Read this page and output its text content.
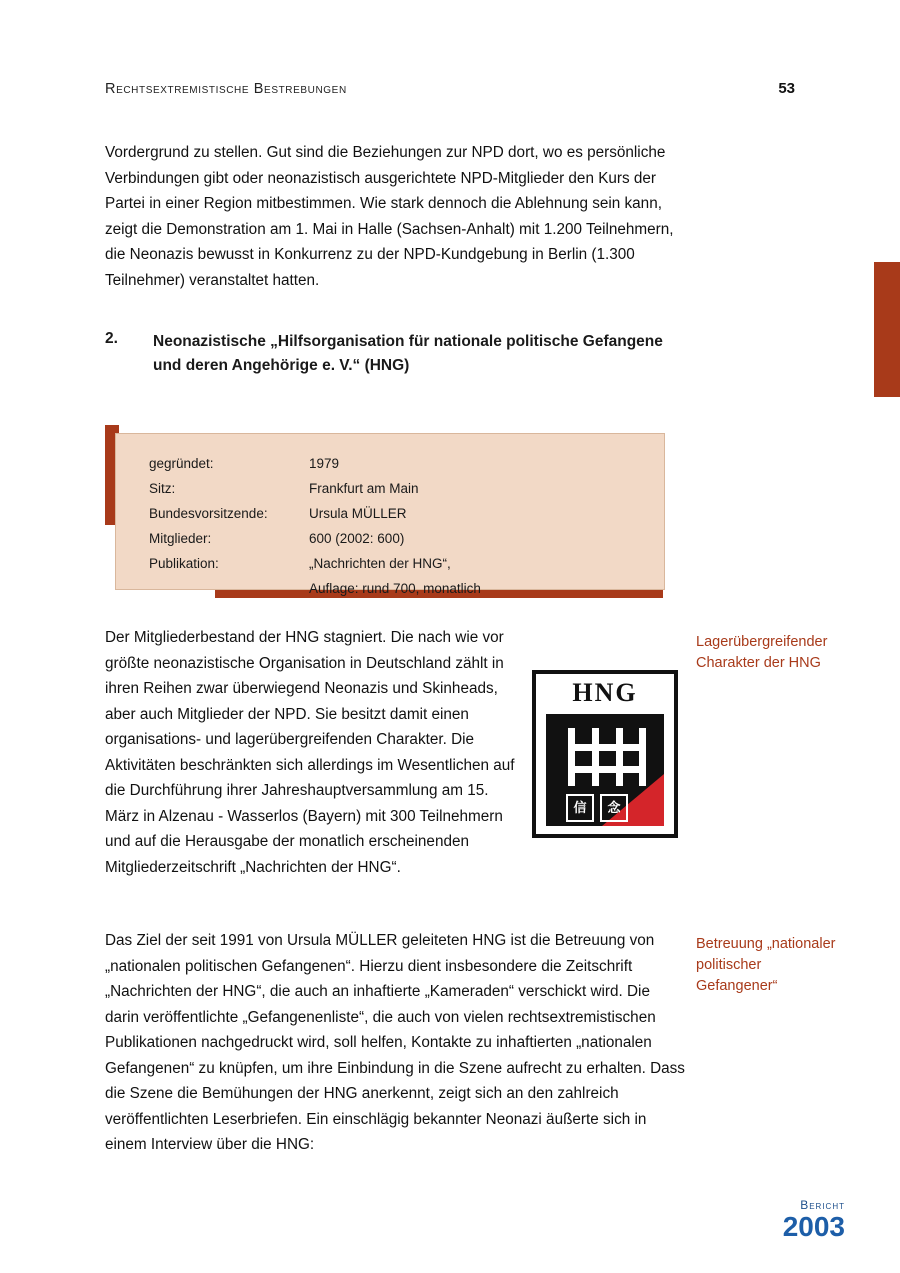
Rechtsextremistische Bestrebungen	53

Vordergrund zu stellen. Gut sind die Beziehungen zur NPD dort, wo es persönliche Verbindungen gibt oder neonazistisch ausgerichtete NPD-Mitglieder den Kurs der Partei in einer Region mitbestimmen. Wie stark dennoch die Ablehnung sein kann, zeigt die Demonstration am 1. Mai in Halle (Sachsen-Anhalt) mit 1.200 Teilnehmern, die Neonazis bewusst in Konkurrenz zu der NPD-Kundgebung in Berlin (1.300 Teilnehmer) veranstaltet hatten.

2.	Neonazistische „Hilfsorganisation für nationale politische Gefangene und deren Angehörige e. V.“ (HNG)
gegründet:	1979
Sitz:	Frankfurt am Main
Bundesvorsitzende:	Ursula MÜLLER
Mitglieder:	600 (2002: 600)
Publikation:	„Nachrichten der HNG“,
	Auflage: rund 700, monatlich
HNG
信	念

Der Mitgliederbestand der HNG stagniert. Die nach wie vor größte neonazistische Organisation in Deutschland zählt in ihren Reihen zwar überwiegend Neonazis und Skinheads, aber auch Mitglieder der NPD. Sie besitzt damit einen organisations- und lagerübergreifenden Charakter. Die Aktivitäten beschränkten sich allerdings im Wesentlichen auf die Durchführung ihrer Jahreshauptversammlung am 15. März in Alzenau - Wasserlos (Bayern) mit 300 Teilnehmern und auf die Herausgabe der monatlich erscheinenden Mitgliederzeitschrift „Nachrichten der HNG“.

Das Ziel der seit 1991 von Ursula MÜLLER geleiteten HNG ist die Betreuung von „nationalen politischen Gefangenen“. Hierzu dient insbesondere die Zeitschrift „Nachrichten der HNG“, die auch an inhaftierte „Kameraden“ verschickt wird. Die darin veröffentlichte „Gefangenenliste“, die auch von vielen rechtsextremistischen Publikationen nachgedruckt wird, soll helfen, Kontakte zu inhaftierten „nationalen Gefangenen“ zu knüpfen, um ihre Einbindung in die Szene aufrecht zu erhalten. Dass die Szene die Bemühungen der HNG anerkennt, zeigt sich an den zahlreich veröffentlichten Leserbriefen. Ein einschlägig bekannter Neonazi äußerte sich in einem Interview über die HNG:

Lagerübergreifender Charakter der HNG
Betreuung „nationaler politischer Gefangener“
Bericht
2003
